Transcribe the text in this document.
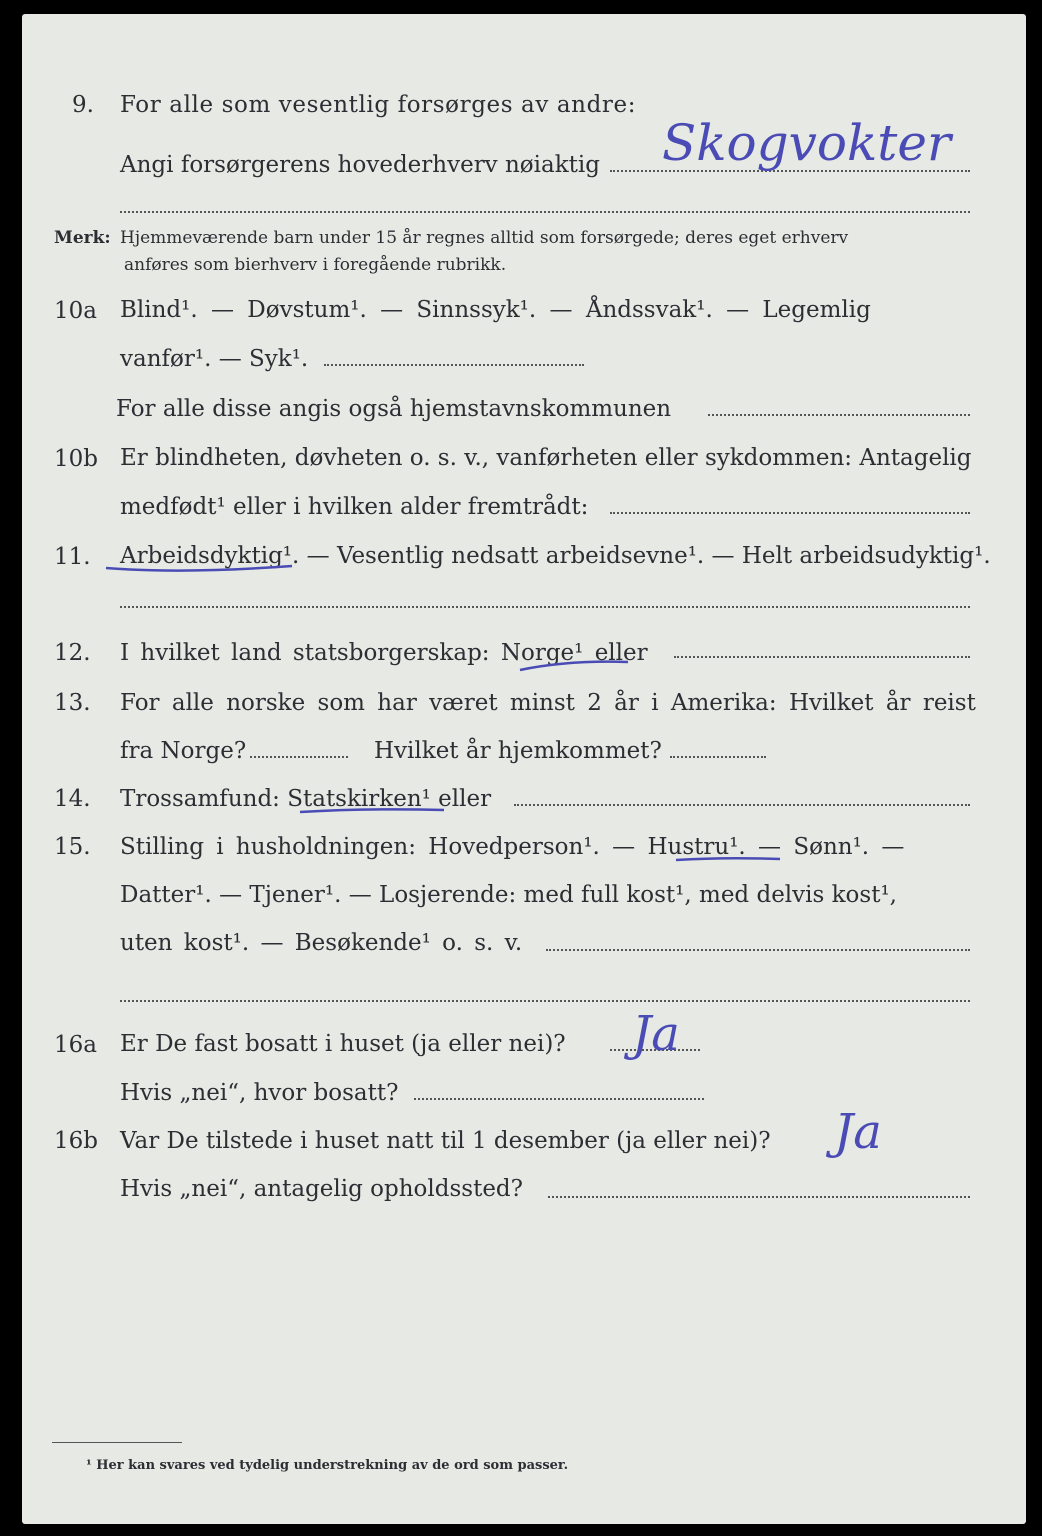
9. For alle som vesentlig forsørges av andre:
Angi forsørgerens hovederhverv nøiaktig Skogvokter
Merk: Hjemmeværende barn under 15 år regnes alltid som forsørgede; deres eget erhverv
anføres som bierhverv i foregående rubrikk.
10a Blind¹. — Døvstum¹. — Sinnssyk¹. — Åndssvak¹. — Legemlig
vanfør¹. — Syk¹.
For alle disse angis også hjemstavnskommunen
10b Er blindheten, døvheten o. s. v., vanførheten eller sykdommen: Antagelig
medfødt¹ eller i hvilken alder fremtrådt:
11. Arbeidsdyktig¹. — Vesentlig nedsatt arbeidsevne¹. — Helt arbeidsudyktig¹.
12. I hvilket land statsborgerskap: Norge¹ eller
13. For alle norske som har været minst 2 år i Amerika: Hvilket år reist
fra Norge?	Hvilket år hjemkommet?
14. Trossamfund: Statskirken¹ eller
15. Stilling i husholdningen: Hovedperson¹. — Hustru¹. — Sønn¹. —
Datter¹. — Tjener¹. — Losjerende: med full kost¹, med delvis kost¹,
uten kost¹. — Besøkende¹ o. s. v.
16a Er De fast bosatt i huset (ja eller nei)? Ja
Hvis „nei“, hvor bosatt?
16b Var De tilstede i huset natt til 1 desember (ja eller nei)? Ja
Hvis „nei“, antagelig opholdssted?
¹ Her kan svares ved tydelig understrekning av de ord som passer.
